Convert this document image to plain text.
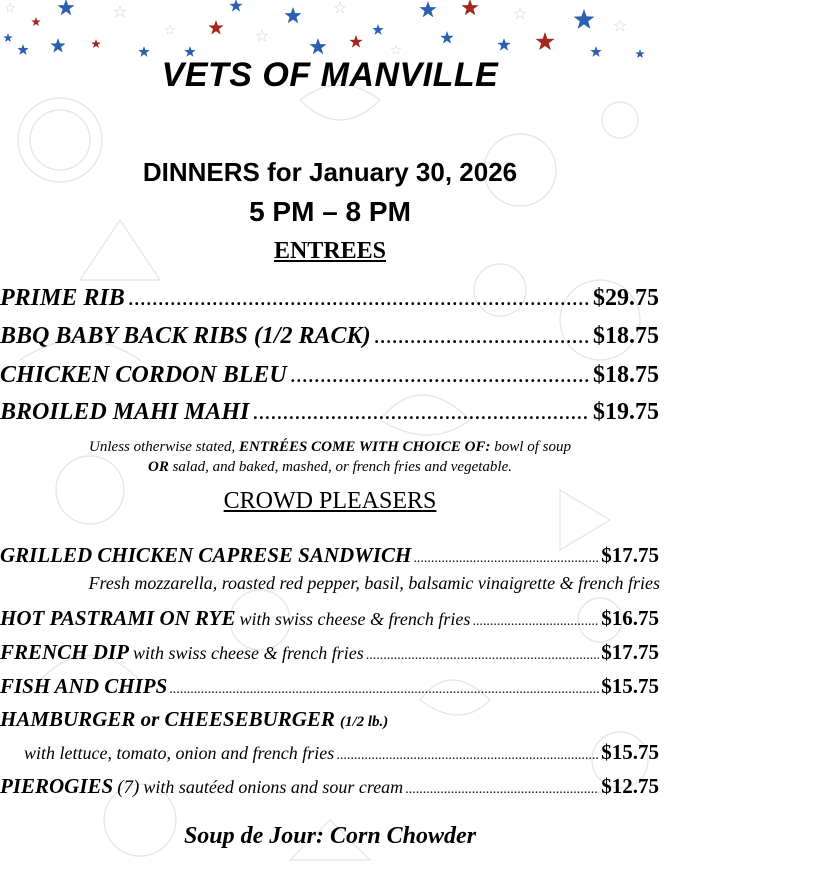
VETS OF MANVILLE
DINNERS for January 30, 2026
5 PM – 8 PM
ENTREES
PRIME RIB .....	$29.75
BBQ BABY BACK RIBS (1/2 RACK) .....	$18.75
CHICKEN CORDON BLEU .....	$18.75
BROILED MAHI MAHI .....	$19.75
Unless otherwise stated, ENTRÉES COME WITH CHOICE OF: bowl of soup
OR salad, and baked, mashed, or french fries and vegetable.
CROWD PLEASERS
GRILLED CHICKEN CAPRESE SANDWICH .....	$17.75
Fresh mozzarella, roasted red pepper, basil, balsamic vinaigrette & french fries
HOT PASTRAMI ON RYE with swiss cheese & french fries .....	$16.75
FRENCH DIP with swiss cheese & french fries .....	$17.75
FISH AND CHIPS .....	$15.75
HAMBURGER or CHEESEBURGER (1/2 lb.)
with lettuce, tomato, onion and french fries .....	$15.75
PIEROGIES (7) with sautéed onions and sour cream .....	$12.75
Soup de Jour: Corn Chowder
